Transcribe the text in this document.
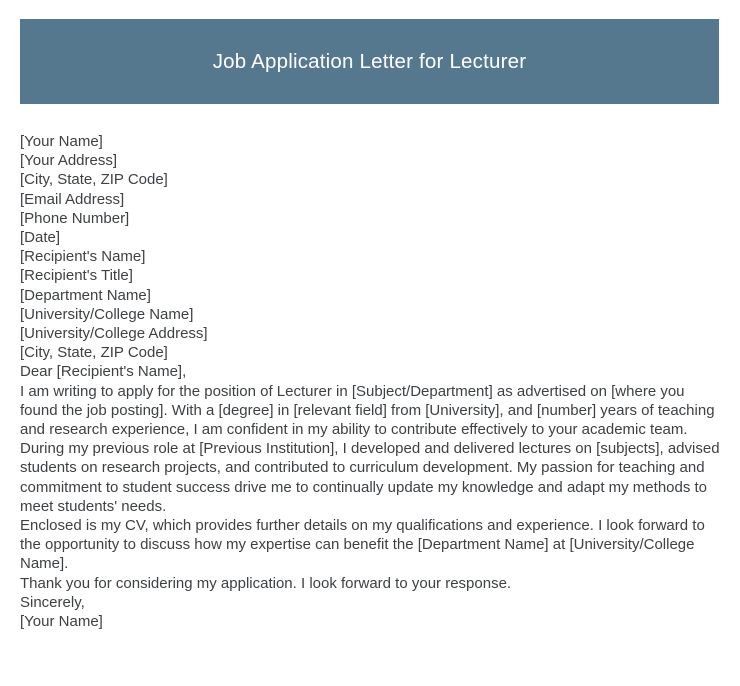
Job Application Letter for Lecturer
[Your Name]
[Your Address]
[City, State, ZIP Code]
[Email Address]
[Phone Number]
[Date]
[Recipient's Name]
[Recipient's Title]
[Department Name]
[University/College Name]
[University/College Address]
[City, State, ZIP Code]
Dear [Recipient's Name],

I am writing to apply for the position of Lecturer in [Subject/Department] as advertised on [where you found the job posting]. With a [degree] in [relevant field] from [University], and [number] years of teaching and research experience, I am confident in my ability to contribute effectively to your academic team.

During my previous role at [Previous Institution], I developed and delivered lectures on [subjects], advised students on research projects, and contributed to curriculum development. My passion for teaching and commitment to student success drive me to continually update my knowledge and adapt my methods to meet students' needs.

Enclosed is my CV, which provides further details on my qualifications and experience. I look forward to the opportunity to discuss how my expertise can benefit the [Department Name] at [University/College Name].

Thank you for considering my application. I look forward to your response.

Sincerely,
[Your Name]
